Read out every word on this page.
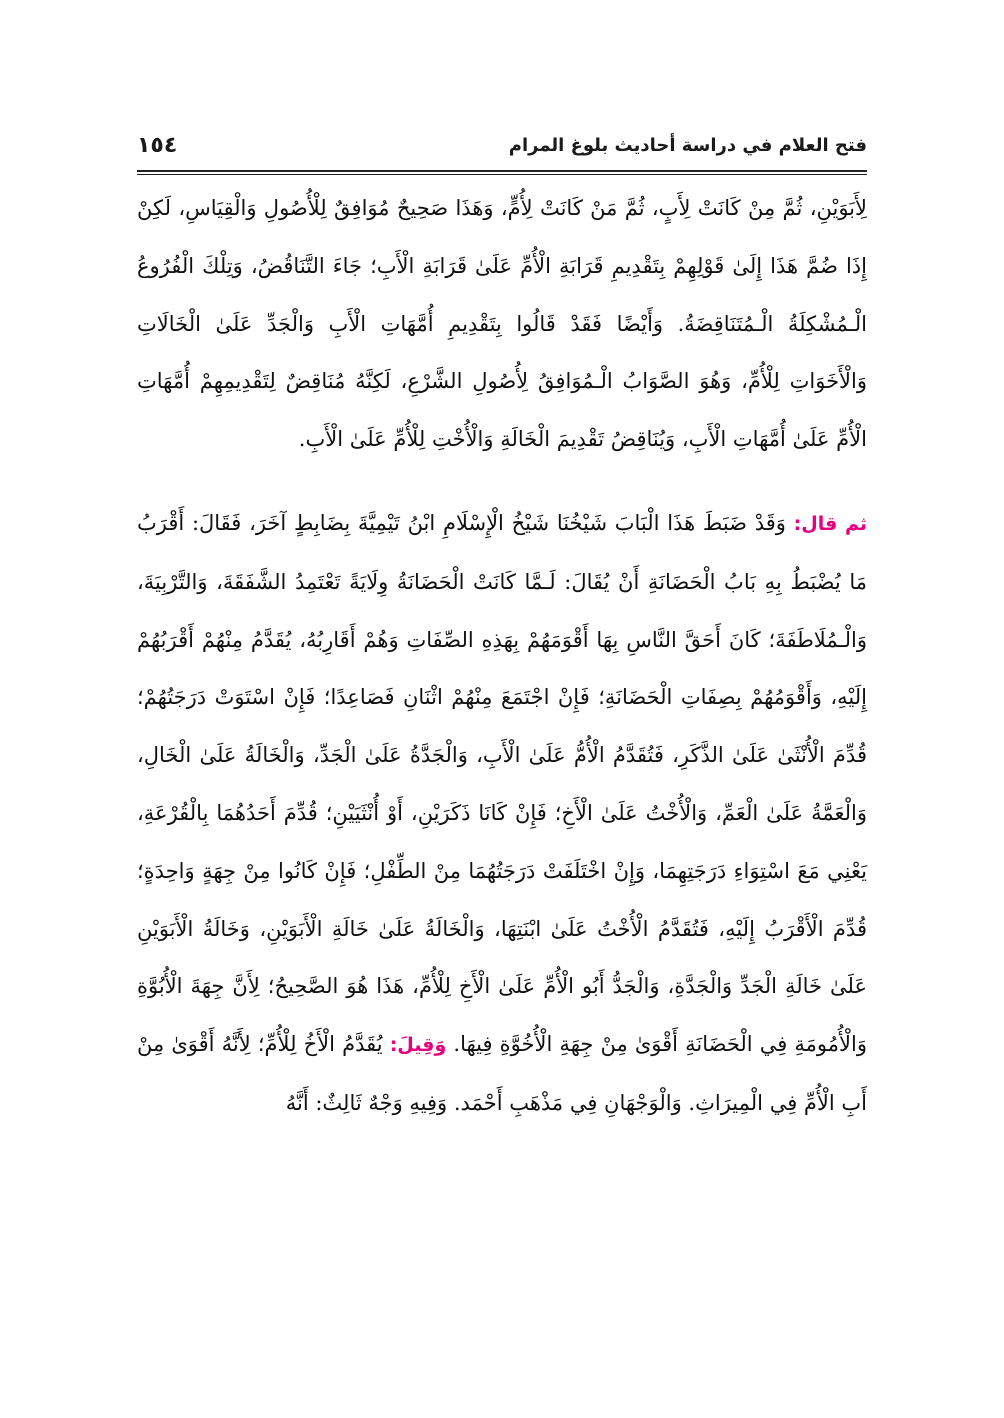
فتح العلام في دراسة أحاديث بلوغ المرام
١٥٤

لِأَبَوَيْنِ، ثُمَّ مِنْ كَانَتْ لِأَبٍ، ثُمَّ مَنْ كَانَتْ لِأُمٍّ، وَهَذَا صَحِيحٌ مُوَافِقٌ لِلْأُصُولِ وَالْقِيَاسِ، لَكِنْ إِذَا ضُمَّ هَذَا إِلَىٰ قَوْلِهِمْ بِتَقْدِيمِ قَرَابَةِ الْأُمِّ عَلَىٰ قَرَابَةِ الْأَبِ؛ جَاءَ التَّنَاقُضُ، وَتِلْكَ الْفُرُوعُ الْـمُشْكِلَةُ الْـمُتَنَاقِضَةُ. وَأَيْضًا فَقَدْ قَالُوا بِتَقْدِيمِ أُمَّهَاتِ الْأَبِ وَالْجَدِّ عَلَىٰ الْخَالَاتِ وَالْأَخَوَاتِ لِلْأُمِّ، وَهُوَ الصَّوَابُ الْـمُوَافِقُ لِأُصُولِ الشَّرْعِ، لَكِنَّهُ مُنَاقِضٌ لِتَقْدِيمِهِمْ أُمَّهَاتِ الْأُمِّ عَلَىٰ أُمَّهَاتِ الْأَبِ، وَيُنَاقِضُ تَقْدِيمَ الْخَالَةِ وَالْأُخْتِ لِلْأُمِّ عَلَىٰ الْأَبِ.

ثم قال: وَقَدْ ضَبَطَ هَذَا الْبَابَ شَيْخُنَا شَيْخُ الْإِسْلَامِ ابْنُ تَيْمِيَّةَ بِضَابِطٍ آخَرَ، فَقَالَ: أَقْرَبُ مَا يُضْبَطُ بِهِ بَابُ الْحَضَانَةِ أَنْ يُقَالَ: لَـمَّا كَانَتْ الْحَضَانَةُ وِلَايَةً تَعْتَمِدُ الشَّفَقَةَ، وَالتَّرْبِيَةَ، وَالْـمُلَاطَفَةَ؛ كَانَ أَحَقَّ النَّاسِ بِهَا أَقْوَمَهُمْ بِهَذِهِ الصِّفَاتِ وَهُمْ أَقَارِبُهُ، يُقَدَّمُ مِنْهُمْ أَقْرَبُهُمْ إِلَيْهِ، وَأَقْوَمُهُمْ بِصِفَاتِ الْحَضَانَةِ؛ فَإِنْ اجْتَمَعَ مِنْهُمْ اثْنَانِ فَصَاعِدًا؛ فَإِنْ اسْتَوَتْ دَرَجَتُهُمْ؛ قُدِّمَ الْأُنْثَىٰ عَلَىٰ الذَّكَرِ، فَتُقَدَّمُ الْأُمُّ عَلَىٰ الْأَبِ، وَالْجَدَّةُ عَلَىٰ الْجَدِّ، وَالْخَالَةُ عَلَىٰ الْخَالِ، وَالْعَمَّةُ عَلَىٰ الْعَمِّ، وَالْأُخْتُ عَلَىٰ الْأَخِ؛ فَإِنْ كَانَا ذَكَرَيْنِ، أَوْ أُنْثَيَيْنِ؛ قُدِّمَ أَحَدُهُمَا بِالْقُرْعَةِ، يَعْنِي مَعَ اسْتِوَاءِ دَرَجَتِهِمَا، وَإِنْ اخْتَلَفَتْ دَرَجَتُهُمَا مِنْ الطِّفْلِ؛ فَإِنْ كَانُوا مِنْ جِهَةٍ وَاحِدَةٍ؛ قُدِّمَ الْأَقْرَبُ إِلَيْهِ، فَتُقَدَّمُ الْأُخْتُ عَلَىٰ ابْنَتِهَا، وَالْخَالَةُ عَلَىٰ خَالَةِ الْأَبَوَيْنِ، وَخَالَةُ الْأَبَوَيْنِ عَلَىٰ خَالَةِ الْجَدِّ وَالْجَدَّةِ، وَالْجَدُّ أَبُو الْأُمِّ عَلَىٰ الْأَخِ لِلْأُمِّ، هَذَا هُوَ الصَّحِيحُ؛ لِأَنَّ جِهَةَ الْأُبُوَّةِ وَالْأُمُومَةِ فِي الْحَضَانَةِ أَقْوَىٰ مِنْ جِهَةِ الْأُخُوَّةِ فِيهَا. وَقِيلَ: يُقَدَّمُ الْأَخُ لِلْأُمِّ؛ لِأَنَّهُ أَقْوَىٰ مِنْ أَبِ الْأُمِّ فِي الْمِيرَاثِ. وَالْوَجْهَانِ فِي مَذْهَبِ أَحْمَد. وَفِيهِ وَجْهٌ ثَالِثٌ: أَنَّهُ
